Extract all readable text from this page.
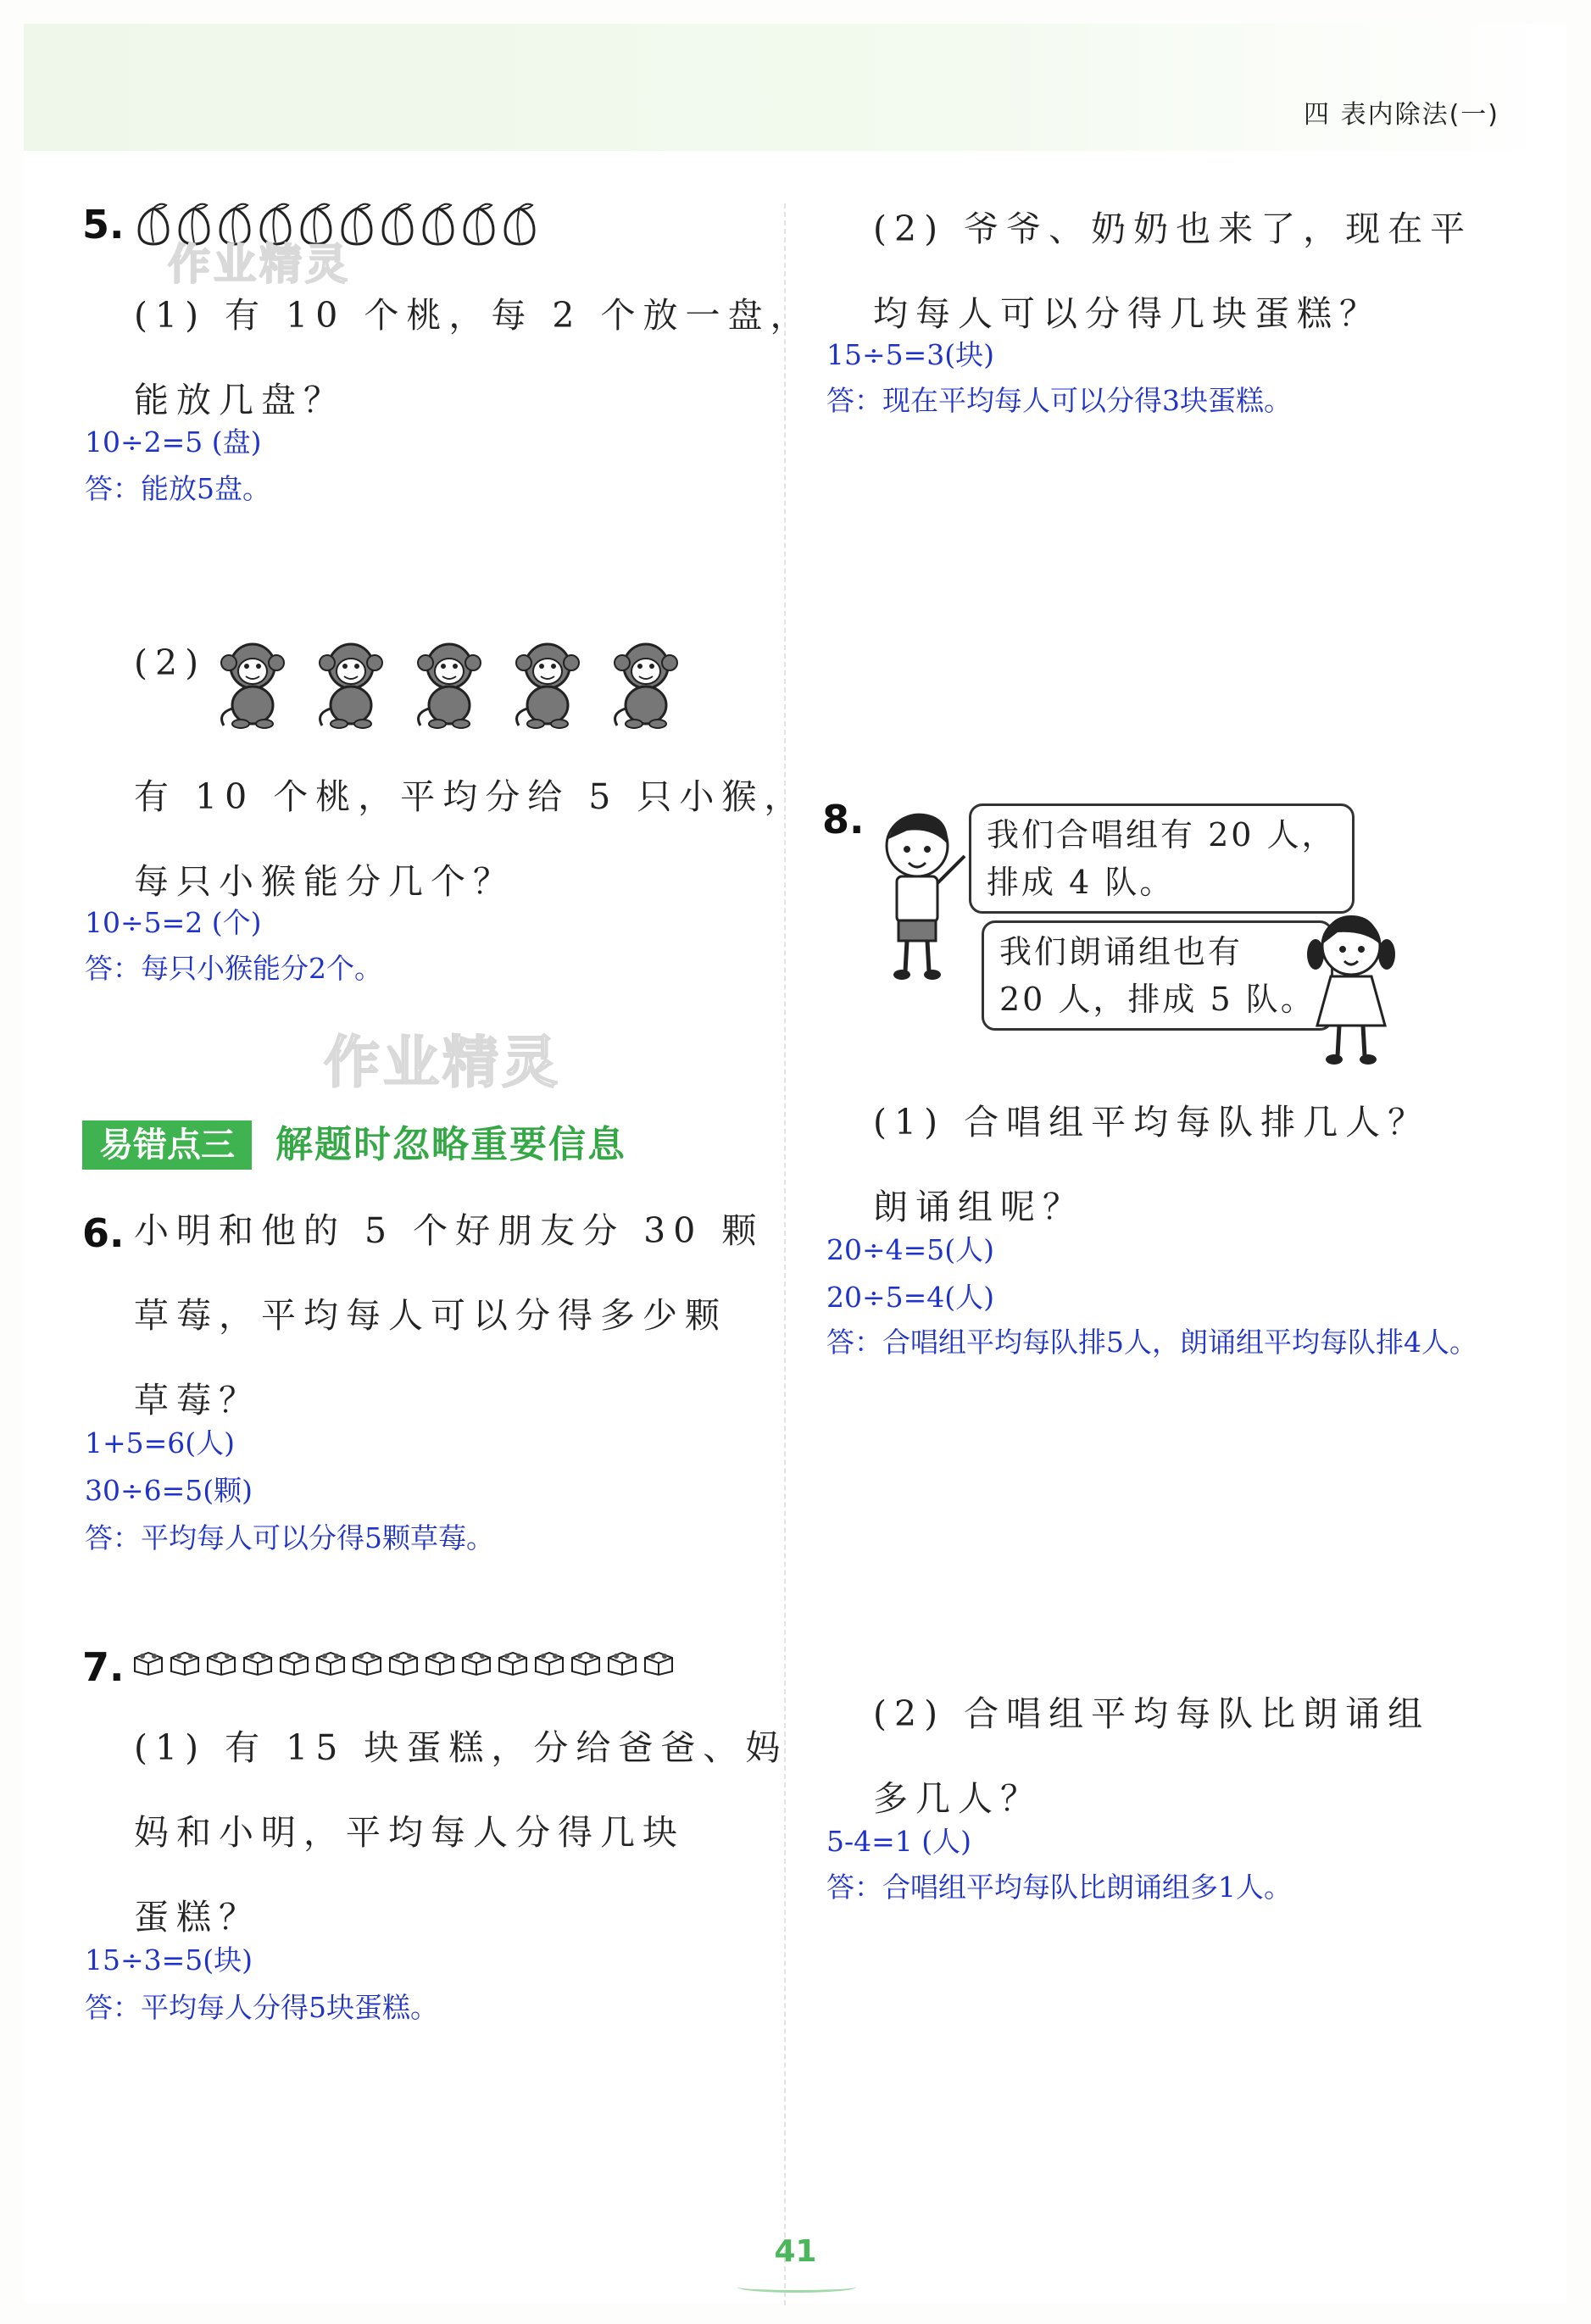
四 表内除法(一)
5.
作业精灵
(1) 有 10 个桃，每 2 个放一盘，
能放几盘？
10÷2=5 (盘)
答：能放5盘。
(2)
有 10 个桃，平均分给 5 只小猴，
每只小猴能分几个？
10÷5=2 (个)
答：每只小猴能分2个。
作业精灵
易错点三	解题时忽略重要信息
6. 小明和他的 5 个好朋友分 30 颗
草莓，平均每人可以分得多少颗
草莓？
1+5=6(人)
30÷6=5(颗)
答：平均每人可以分得5颗草莓。
7.
(1) 有 15 块蛋糕，分给爸爸、妈
妈和小明，平均每人分得几块
蛋糕？
15÷3=5(块)
答：平均每人分得5块蛋糕。
(2) 爷爷、奶奶也来了，现在平
均每人可以分得几块蛋糕？
15÷5=3(块)
答：现在平均每人可以分得3块蛋糕。
8.	我们合唱组有 20 人，
排成 4 队。
我们朗诵组也有
20 人，排成 5 队。
(1) 合唱组平均每队排几人？
朗诵组呢？
20÷4=5(人)
20÷5=4(人)
答：合唱组平均每队排5人，朗诵组平均每队排4人。
(2) 合唱组平均每队比朗诵组
多几人？
5-4=1 (人)
答：合唱组平均每队比朗诵组多1人。
41
